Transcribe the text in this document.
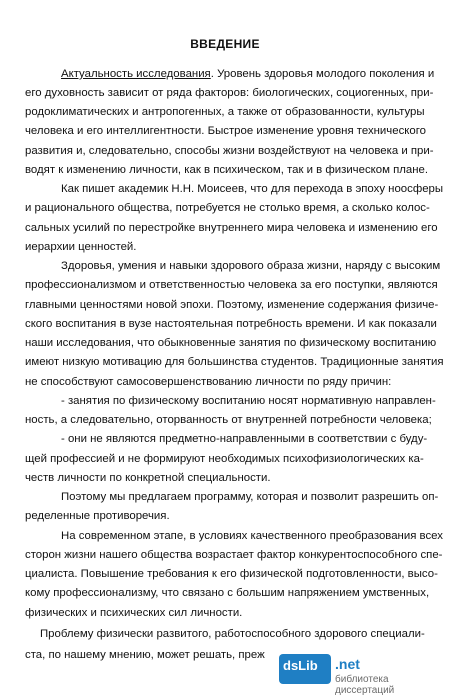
ВВЕДЕНИЕ
Актуальность исследования. Уровень здоровья молодого поколения и
его духовность зависит от ряда факторов: биологических, социогенных, при-
родоклиматических и антропогенных, а также от образованности, культуры
человека и его интеллигентности. Быстрое изменение уровня технического
развития и, следовательно, способы жизни воздействуют на человека и при-
водят к изменению личности, как в психическом, так и в физическом плане.
Как пишет академик Н.Н. Моисеев, что для перехода в эпоху ноосферы
и рационального общества, потребуется не столько время, а сколько колос-
сальных усилий по перестройке внутреннего мира человека и изменению его
иерархии ценностей.
Здоровья, умения и навыки здорового образа жизни, наряду с высоким
профессионализмом и ответственностью человека за его поступки, являются
главными ценностями новой эпохи. Поэтому, изменение содержания физиче-
ского воспитания в вузе настоятельная потребность времени. И как показали
наши исследования, что обыкновенные занятия по физическому воспитанию
имеют низкую мотивацию для большинства студентов. Традиционные занятия
не способствуют самосовершенствованию личности по ряду причин:
- занятия по физическому воспитанию носят нормативную направлен-
ность, а следовательно, оторванность от внутренней потребности человека;
- они не являются предметно-направленными в соответствии с буду-
щей профессией и не формируют необходимых психофизиологических ка-
честв личности по конкретной специальности.
Поэтому мы предлагаем программу, которая и позволит разрешить оп-
ределенные противоречия.
На современном этапе, в условиях качественного преобразования всех
сторон жизни нашего общества возрастает фактор конкурентоспособного спе-
циалиста. Повышение требования к его физической подготовленности, высо-
кому профессионализму, что связано с большим напряжением умственных,
физических и психических сил личности.
Проблему физически развитого, работоспособного здорового специали-
ста, по нашему мнению, может решать, преж
dsLib .net
библиотека диссертаций
